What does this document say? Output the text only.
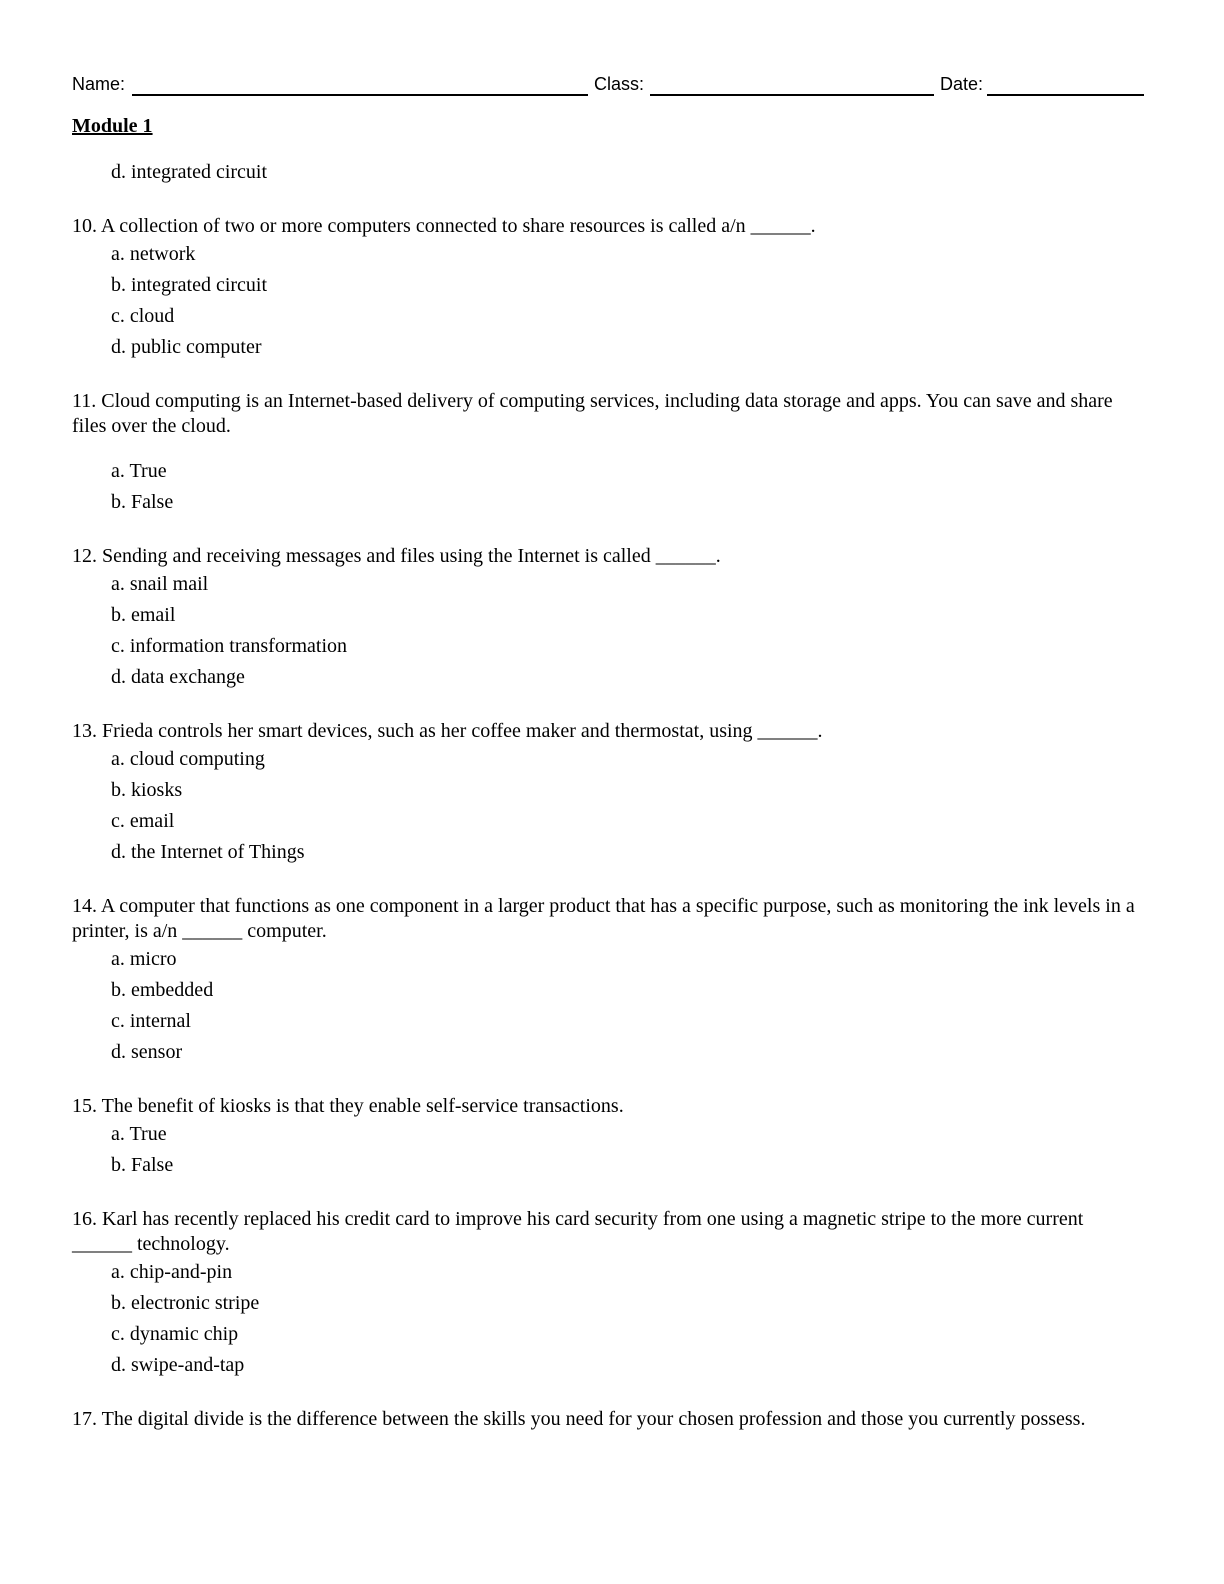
Name:	Class:	Date:
Module 1
d. integrated circuit
10. A collection of two or more computers connected to share resources is called a/n ______.
a. network
b. integrated circuit
c. cloud
d. public computer
11. Cloud computing is an Internet-based delivery of computing services, including data storage and apps. You can save and share files over the cloud.
a. True
b. False
12. Sending and receiving messages and files using the Internet is called ______.
a. snail mail
b. email
c. information transformation
d. data exchange
13. Frieda controls her smart devices, such as her coffee maker and thermostat, using ______.
a. cloud computing
b. kiosks
c. email
d. the Internet of Things
14. A computer that functions as one component in a larger product that has a specific purpose, such as monitoring the ink levels in a printer, is a/n ______ computer.
a. micro
b. embedded
c. internal
d. sensor
15. The benefit of kiosks is that they enable self-service transactions.
a. True
b. False
16. Karl has recently replaced his credit card to improve his card security from one using a magnetic stripe to the more current ______ technology.
a. chip-and-pin
b. electronic stripe
c. dynamic chip
d. swipe-and-tap
17. The digital divide is the difference between the skills you need for your chosen profession and those you currently possess.
